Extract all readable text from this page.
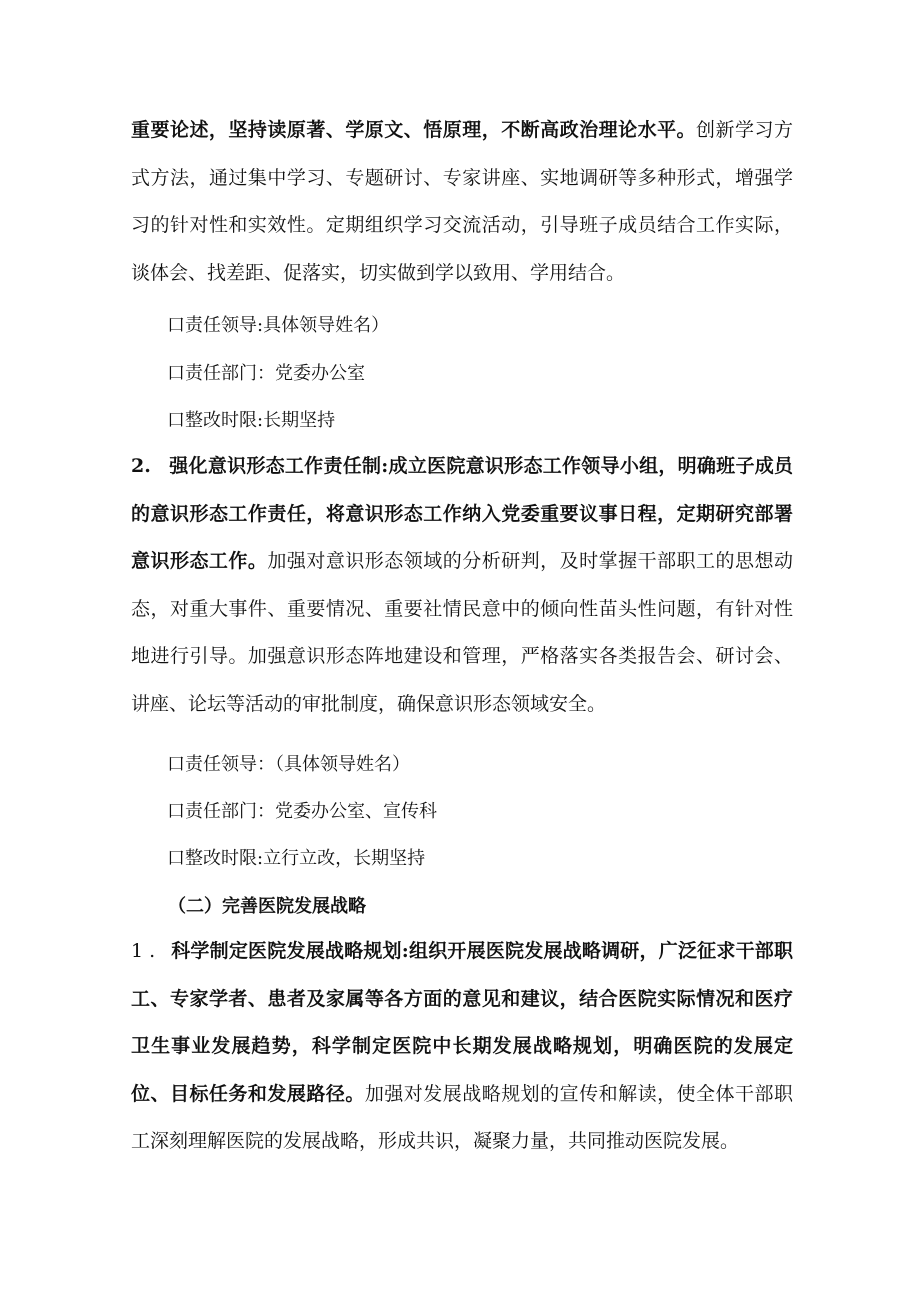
重要论述，坚持读原著、学原文、悟原理，不断高政治理论水平。创新学习方式方法，通过集中学习、专题研讨、专家讲座、实地调研等多种形式，增强学习的针对性和实效性。定期组织学习交流活动，引导班子成员结合工作实际，谈体会、找差距、促落实，切实做到学以致用、学用结合。

口责任领导:具体领导姓名）

口责任部门：党委办公室

口整改时限:长期坚持

2. 强化意识形态工作责任制:成立医院意识形态工作领导小组，明确班子成员的意识形态工作责任，将意识形态工作纳入党委重要议事日程，定期研究部署意识形态工作。加强对意识形态领域的分析研判，及时掌握干部职工的思想动态，对重大事件、重要情况、重要社情民意中的倾向性苗头性问题，有针对性地进行引导。加强意识形态阵地建设和管理，严格落实各类报告会、研讨会、讲座、论坛等活动的审批制度，确保意识形态领域安全。

口责任领导：（具体领导姓名）

口责任部门：党委办公室、宣传科

口整改时限:立行立改，长期坚持

（二）完善医院发展战略

1 . 科学制定医院发展战略规划:组织开展医院发展战略调研，广泛征求干部职工、专家学者、患者及家属等各方面的意见和建议，结合医院实际情况和医疗卫生事业发展趋势，科学制定医院中长期发展战略规划，明确医院的发展定位、目标任务和发展路径。加强对发展战略规划的宣传和解读，使全体干部职工深刻理解医院的发展战略，形成共识，凝聚力量，共同推动医院发展。
